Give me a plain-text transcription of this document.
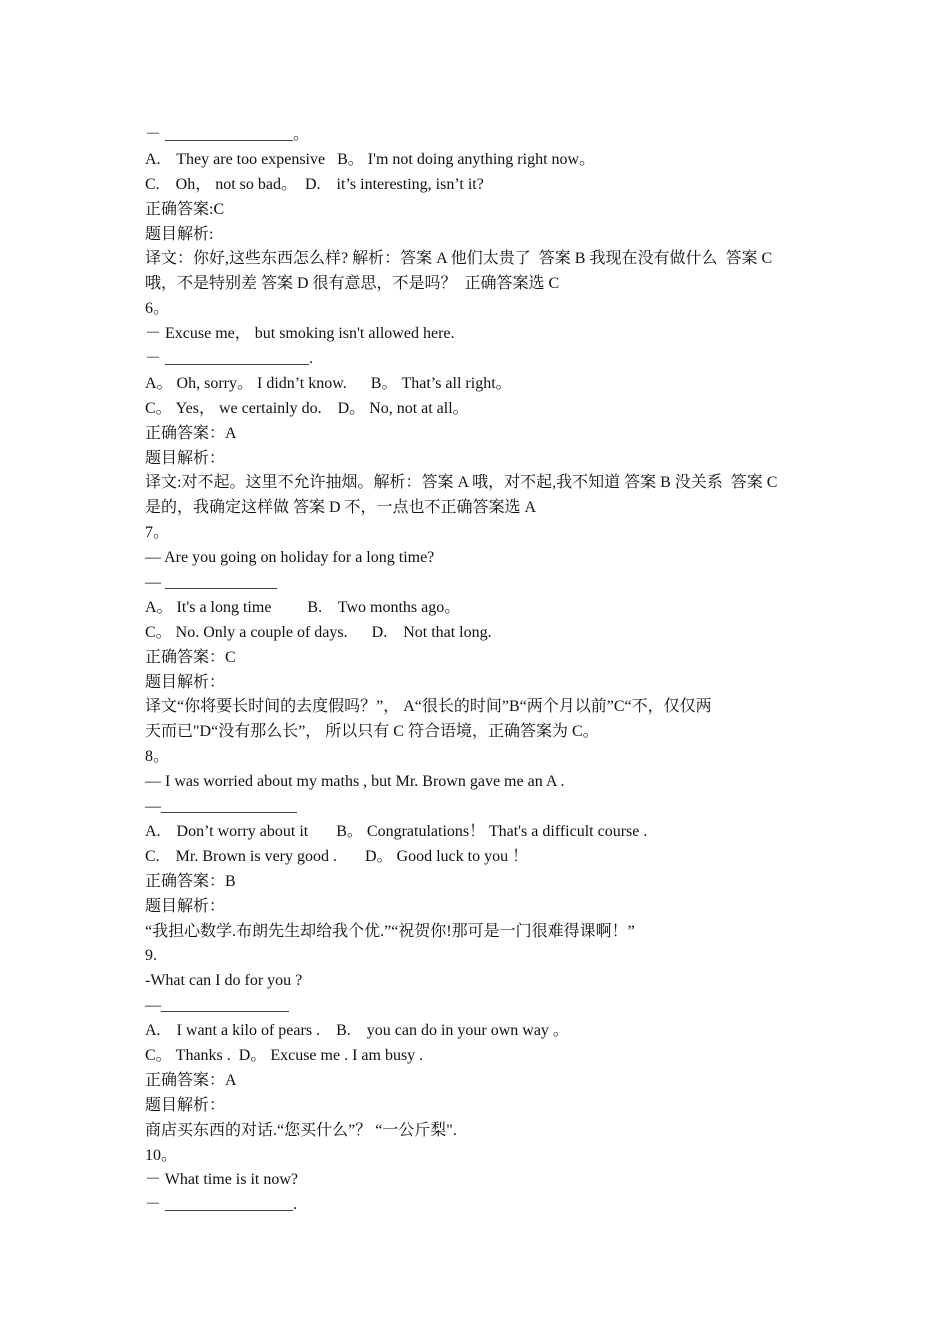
－ ________________。
A.    They are too expensive   B。 I'm not doing anything right now。
C.    Oh， not so bad。  D.    it’s interesting, isn’t it?
正确答案:C
题目解析:
译文：你好,这些东西怎么样? 解析：答案 A 他们太贵了  答案 B 我现在没有做什么  答案 C
哦，不是特别差 答案 D 很有意思，不是吗？  正确答案选 C
6。
－ Excuse me， but smoking isn't allowed here.
－ __________________.
A。 Oh, sorry。 I didn’t know.      B。 That’s all right。
C。 Yes， we certainly do.    D。 No, not at all。
正确答案：A
题目解析：
译文:对不起。这里不允许抽烟。解析：答案 A 哦，对不起,我不知道 答案 B 没关系  答案 C
是的，我确定这样做 答案 D 不，一点也不正确答案选 A
7。
— Are you going on holiday for a long time?
— ______________
A。 It's a long time         B.    Two months ago。
C。 No. Only a couple of days.      D.    Not that long.
正确答案：C
题目解析：
译文“你将要长时间的去度假吗？”， A“很长的时间”B“两个月以前”C“不，仅仅两
天而已"D“没有那么长”， 所以只有 C 符合语境，正确答案为 C。
8。
— I was worried about my maths , but Mr. Brown gave me an A .
—_________________
A.    Don’t worry about it       B。 Congratulations！ That's a difficult course .
C.    Mr. Brown is very good .       D。 Good luck to you ！
正确答案：B
题目解析：
“我担心数学.布朗先生却给我个优.”“祝贺你!那可是一门很难得课啊！”
9.
-What can I do for you ?
—________________
A.    I want a kilo of pears .    B.    you can do in your own way 。
C。 Thanks .  D。 Excuse me . I am busy .
正确答案：A
题目解析：
商店买东西的对话.“您买什么”？ “一公斤梨".
10。
－ What time is it now?
－ ________________.
